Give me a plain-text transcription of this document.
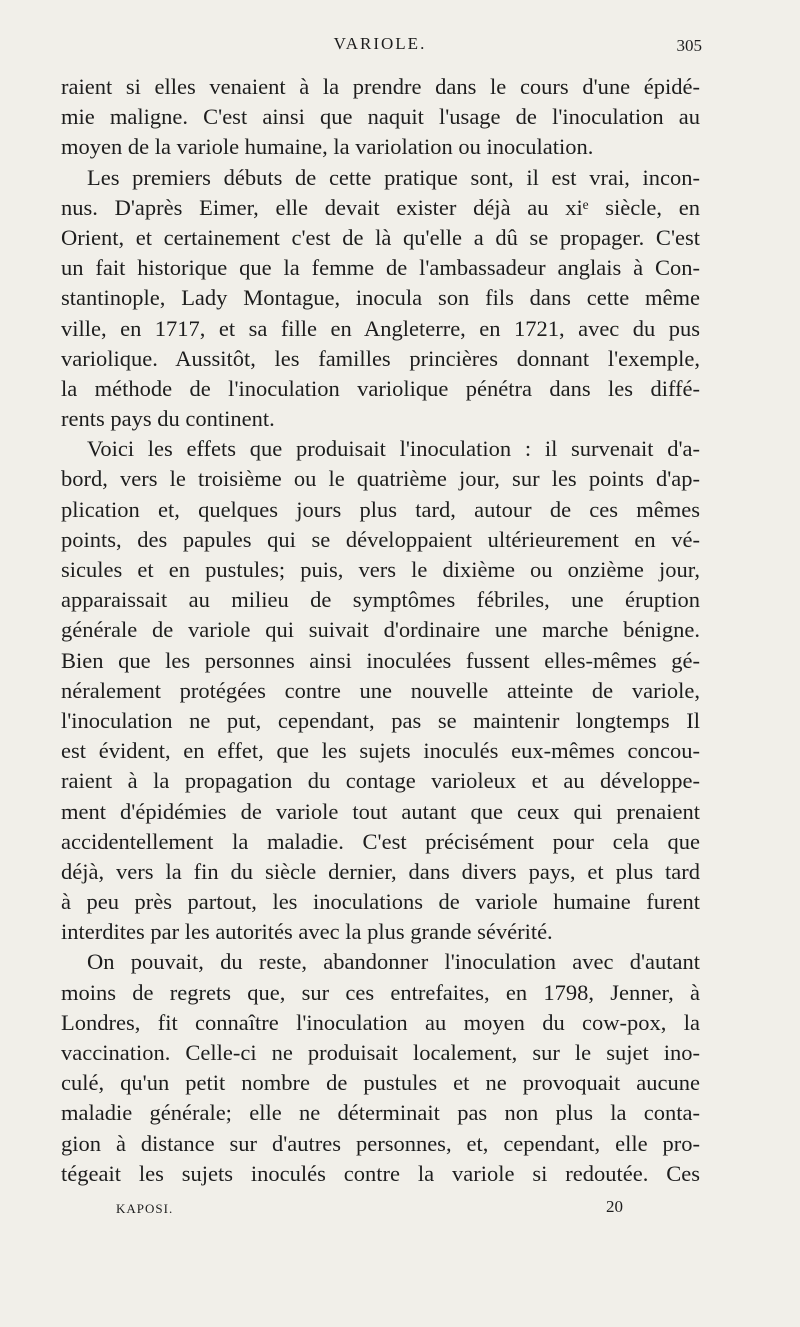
VARIOLE.	305
raient si elles venaient à la prendre dans le cours d'une épidé-
mie maligne. C'est ainsi que naquit l'usage de l'inoculation au
moyen de la variole humaine, la variolation ou inoculation.
Les premiers débuts de cette pratique sont, il est vrai, incon-
nus. D'après Eimer, elle devait exister déjà au xiᵉ siècle, en
Orient, et certainement c'est de là qu'elle a dû se propager. C'est
un fait historique que la femme de l'ambassadeur anglais à Con-
stantinople, Lady Montague, inocula son fils dans cette même
ville, en 1717, et sa fille en Angleterre, en 1721, avec du pus
variolique. Aussitôt, les familles princières donnant l'exemple,
la méthode de l'inoculation variolique pénétra dans les diffé-
rents pays du continent.
Voici les effets que produisait l'inoculation : il survenait d'a-
bord, vers le troisième ou le quatrième jour, sur les points d'ap-
plication et, quelques jours plus tard, autour de ces mêmes
points, des papules qui se développaient ultérieurement en vé-
sicules et en pustules; puis, vers le dixième ou onzième jour,
apparaissait au milieu de symptômes fébriles, une éruption
générale de variole qui suivait d'ordinaire une marche bénigne.
Bien que les personnes ainsi inoculées fussent elles-mêmes gé-
néralement protégées contre une nouvelle atteinte de variole,
l'inoculation ne put, cependant, pas se maintenir longtemps Il
est évident, en effet, que les sujets inoculés eux-mêmes concou-
raient à la propagation du contage varioleux et au développe-
ment d'épidémies de variole tout autant que ceux qui prenaient
accidentellement la maladie. C'est précisément pour cela que
déjà, vers la fin du siècle dernier, dans divers pays, et plus tard
à peu près partout, les inoculations de variole humaine furent
interdites par les autorités avec la plus grande sévérité.
On pouvait, du reste, abandonner l'inoculation avec d'autant
moins de regrets que, sur ces entrefaites, en 1798, Jenner, à
Londres, fit connaître l'inoculation au moyen du cow-pox, la
vaccination. Celle-ci ne produisait localement, sur le sujet ino-
culé, qu'un petit nombre de pustules et ne provoquait aucune
maladie générale; elle ne déterminait pas non plus la conta-
gion à distance sur d'autres personnes, et, cependant, elle pro-
tégeait les sujets inoculés contre la variole si redoutée. Ces
KAPOSI.	20
